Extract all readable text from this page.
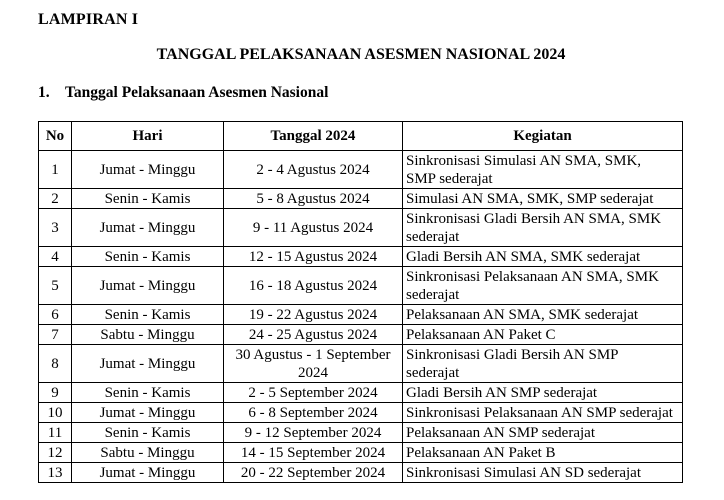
LAMPIRAN I
TANGGAL PELAKSANAAN ASESMEN NASIONAL 2024
1. Tanggal Pelaksanaan Asesmen Nasional
No	Hari	Tanggal 2024	Kegiatan
1	Jumat - Minggu	2 - 4 Agustus 2024	Sinkronisasi Simulasi AN SMA, SMK, SMP sederajat
2	Senin - Kamis	5 - 8 Agustus 2024	Simulasi AN SMA, SMK, SMP sederajat
3	Jumat - Minggu	9 - 11 Agustus 2024	Sinkronisasi Gladi Bersih AN SMA, SMK sederajat
4	Senin - Kamis	12 - 15 Agustus 2024	Gladi Bersih AN SMA, SMK sederajat
5	Jumat - Minggu	16 - 18 Agustus 2024	Sinkronisasi Pelaksanaan AN SMA, SMK sederajat
6	Senin - Kamis	19 - 22 Agustus 2024	Pelaksanaan AN SMA, SMK sederajat
7	Sabtu - Minggu	24 - 25 Agustus 2024	Pelaksanaan AN Paket C
8	Jumat - Minggu	30 Agustus - 1 September 2024	Sinkronisasi Gladi Bersih AN SMP sederajat
9	Senin - Kamis	2 - 5 September 2024	Gladi Bersih AN SMP sederajat
10	Jumat - Minggu	6 - 8 September 2024	Sinkronisasi Pelaksanaan AN SMP sederajat
11	Senin - Kamis	9 - 12 September 2024	Pelaksanaan AN SMP sederajat
12	Sabtu - Minggu	14 - 15 September 2024	Pelaksanaan AN Paket B
13	Jumat - Minggu	20 - 22 September 2024	Sinkronisasi Simulasi AN SD sederajat
